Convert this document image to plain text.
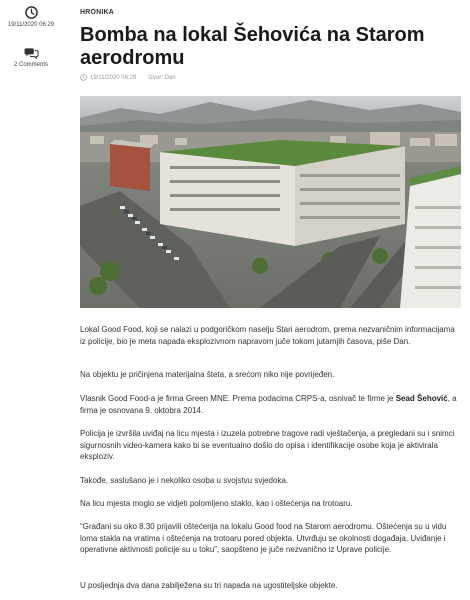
19/11/2020 06:29
2 Comments
HRONIKA
Bomba na lokal Šehovića na Starom aerodromu
19/11/2020 06:29 Izvor: Dan

Lokal Good Food, koji se nalazi u podgoričkom naselju Stari aerodrom, prema nezvaničnim informacijama iz policije, bio je meta napada eksplozivnom napravom juče tokom jutarnjih časova, piše Dan.

Na objektu je pričinjena materijalna šteta, a srećom niko nije povrijeđen.

Vlasnik Good Food-a je firma Green MNE. Prema podacima CRPS-a, osnivač te firme je Sead Šehović, a firma je osnovana 9. oktobra 2014.

Policija je izvršila uviđaj na licu mjesta i izuzela potrebne tragove radi vještačenja, a pregledani su i snimci sigurnosnih video-kamera kako bi se eventualno došlo do opisa i identifikacije osobe koja je aktivirala eksploziv.

Takođe, saslušano je i nekoliko osoba u svojstvu svjedoka.

Na licu mjesta moglo se vidjeti polomljeno staklo, kao i oštećenja na trotoaru.

“Građani su oko 8.30 prijavili oštećenja na lokalu Good food na Starom aerodromu. Oštećenja su u vidu loma stakla na vratima i oštećenja na trotoaru pored objekta. Utvrđuju se okolnosti događaja. Uviđanje i operativne aktivnosti policije su u toku”, saopšteno je juče nezvanično iz Uprave policije.

U posljednja dva dana zabilježena su tri napada na ugostiteljske objekte.
